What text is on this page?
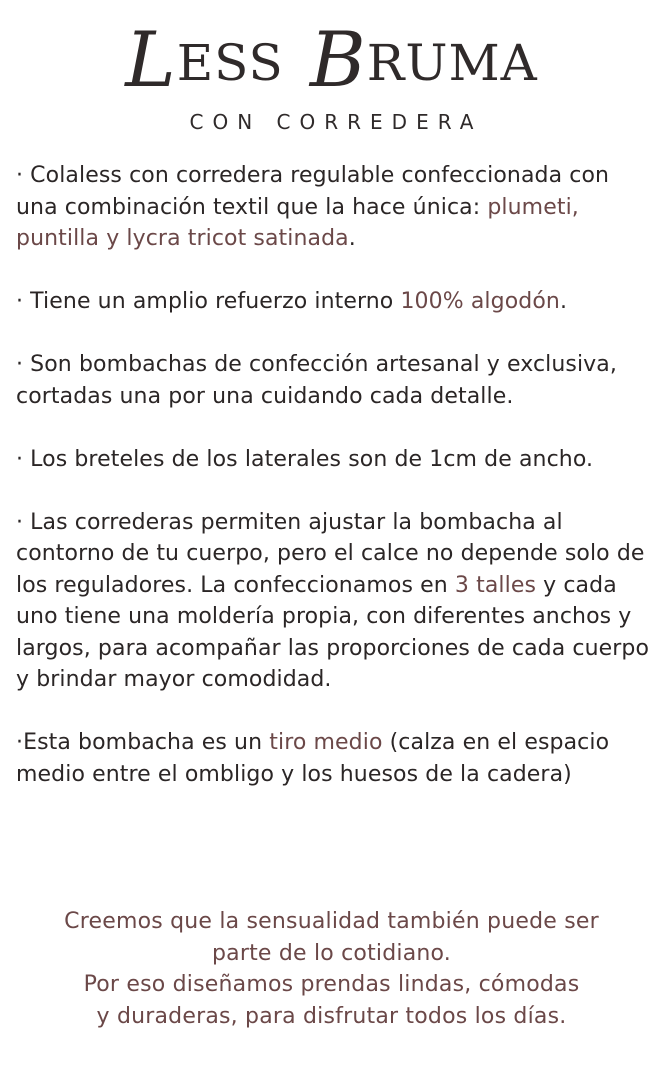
LESS BRUMA
CON CORREDERA

· Colaless con corredera regulable confeccionada con una combinación textil que la hace única: plumeti, puntilla y lycra tricot satinada.

· Tiene un amplio refuerzo interno 100% algodón.

· Son bombachas de confección artesanal y exclusiva, cortadas una por una cuidando cada detalle.

· Los breteles de los laterales son de 1cm de ancho.

· Las correderas permiten ajustar la bombacha al contorno de tu cuerpo, pero el calce no depende solo de los reguladores. La confeccionamos en 3 talles y cada uno tiene una moldería propia, con diferentes anchos y largos, para acompañar las proporciones de cada cuerpo y brindar mayor comodidad.

·Esta bombacha es un tiro medio (calza en el espacio medio entre el ombligo y los huesos de la cadera)

Creemos que la sensualidad también puede ser
parte de lo cotidiano.
Por eso diseñamos prendas lindas, cómodas
y duraderas, para disfrutar todos los días.
